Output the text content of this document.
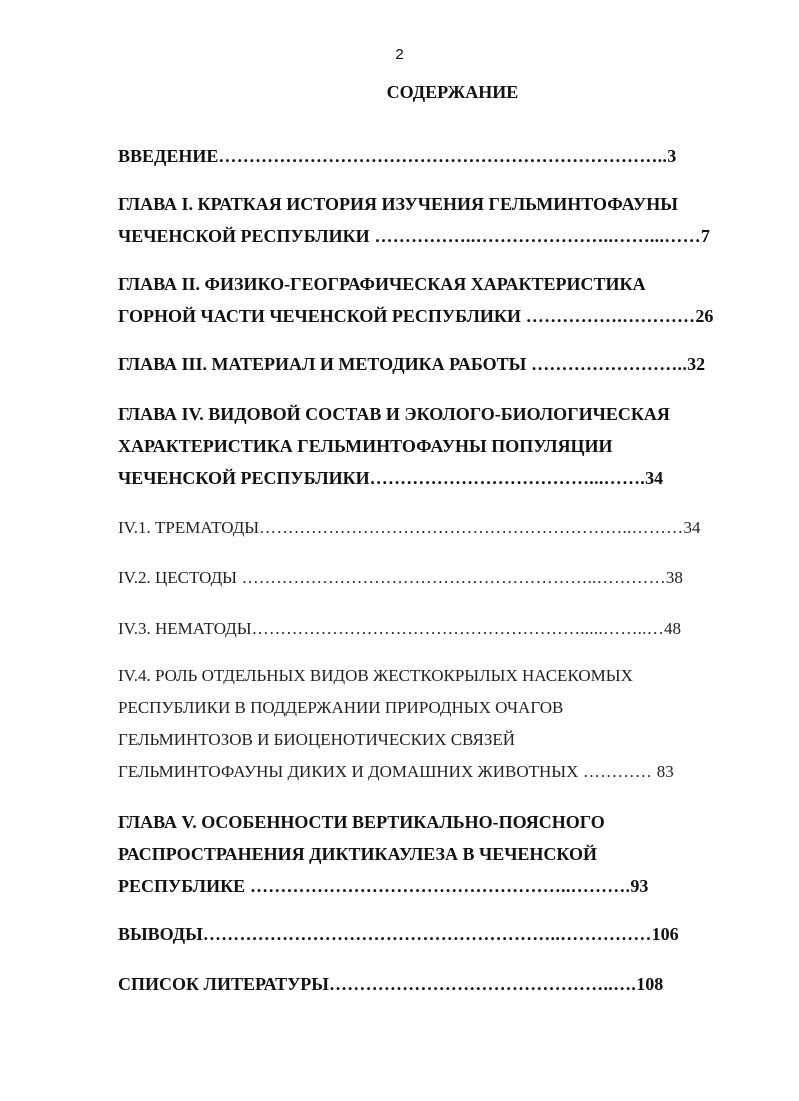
2
СОДЕРЖАНИЕ
ВВЕДЕНИЕ………………………………………………………………..3
ГЛАВА I. КРАТКАЯ ИСТОРИЯ ИЗУЧЕНИЯ ГЕЛЬМИНТОФАУНЫ
ЧЕЧЕНСКОЙ РЕСПУБЛИКИ ……………..…………………..……...……7
ГЛАВА II. ФИЗИКО-ГЕОГРАФИЧЕСКАЯ ХАРАКТЕРИСТИКА
ГОРНОЙ ЧАСТИ ЧЕЧЕНСКОЙ РЕСПУБЛИКИ …………….…………26
ГЛАВА III. МАТЕРИАЛ И МЕТОДИКА РАБОТЫ ……………………..32
ГЛАВА IV. ВИДОВОЙ СОСТАВ И ЭКОЛОГО-БИОЛОГИЧЕСКАЯ
ХАРАКТЕРИСТИКА ГЕЛЬМИНТОФАУНЫ ПОПУЛЯЦИИ
ЧЕЧЕНСКОЙ РЕСПУБЛИКИ………………………………...…….34
IV.1. ТРЕМАТОДЫ………………………………………………………..………34
IV.2. ЦЕСТОДЫ ……………………………………………………..…………38
IV.3. НЕМАТОДЫ………………………………………………….....……..…48
IV.4. РОЛЬ ОТДЕЛЬНЫХ ВИДОВ ЖЕСТКОКРЫЛЫХ НАСЕКОМЫХ
РЕСПУБЛИКИ В ПОДДЕРЖАНИИ ПРИРОДНЫХ ОЧАГОВ
ГЕЛЬМИНТОЗОВ И БИОЦЕНОТИЧЕСКИХ СВЯЗЕЙ
ГЕЛЬМИНТОФАУНЫ ДИКИХ И ДОМАШНИХ ЖИВОТНЫХ ………… 83
ГЛАВА V. ОСОБЕННОСТИ ВЕРТИКАЛЬНО-ПОЯСНОГО
РАСПРОСТРАНЕНИЯ ДИКТИКАУЛЕЗА В ЧЕЧЕНСКОЙ
РЕСПУБЛИКЕ ……………………………………………..……….93
ВЫВОДЫ…………………………………………………..……………106
СПИСОК ЛИТЕРАТУРЫ………………………………………..….108
